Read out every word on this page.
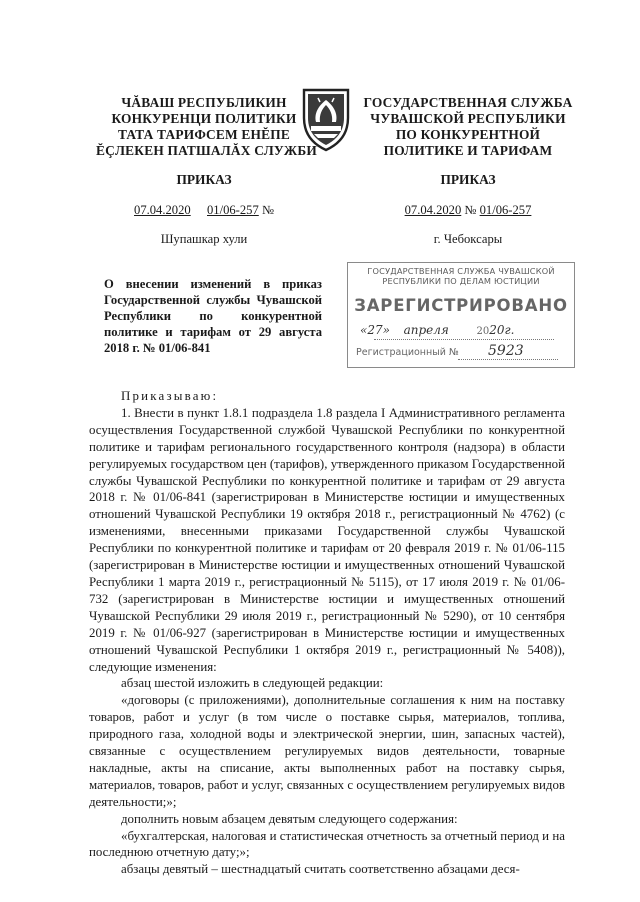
ЧĂВАШ РЕСПУБЛИКИН
КОНКУРЕНЦИ ПОЛИТИКИ
ТАТА ТАРИФСЕМ ЕНĔПЕ
ĔÇЛЕКЕН ПАТШАЛĂХ СЛУЖБИ
ГОСУДАРСТВЕННАЯ СЛУЖБА
ЧУВАШСКОЙ РЕСПУБЛИКИ
ПО КОНКУРЕНТНОЙ
ПОЛИТИКЕ И ТАРИФАМ
ПРИКАЗ	ПРИКАЗ
07.04.2020 01/06-257 №	07.04.2020 № 01/06-257
Шупашкар хули	г. Чебоксары
О внесении изменений в приказ Государственной службы Чувашской Республики по конкурентной политике и тарифам от 29 августа 2018 г. № 01/06-841
ГОСУДАРСТВЕННАЯ СЛУЖБА ЧУВАШСКОЙ
РЕСПУБЛИКИ ПО ДЕЛАМ ЮСТИЦИИ
ЗАРЕГИСТРИРОВАНО
«27»  апреля	2020г.
Регистрационный № 5923

Приказываю:

1. Внести в пункт 1.8.1 подраздела 1.8 раздела I Административного регламента осуществления Государственной службой Чувашской Республики по конкурентной политике и тарифам регионального государственного контроля (надзора) в области регулируемых государством цен (тарифов), утвержденного приказом Государственной службы Чувашской Республики по конкурентной политике и тарифам от 29 августа 2018 г. № 01/06-841 (зарегистрирован в Министерстве юстиции и имущественных отношений Чувашской Республики 19 октября 2018 г., регистрационный № 4762) (с изменениями, внесенными приказами Государственной службы Чувашской Республики по конкурентной политике и тарифам от 20 февраля 2019 г. № 01/06-115 (зарегистрирован в Министерстве юстиции и имущественных отношений Чувашской Республики 1 марта 2019 г., регистрационный № 5115), от 17 июля 2019 г. № 01/06-732 (зарегистрирован в Министерстве юстиции и имущественных отношений Чувашской Республики 29 июля 2019 г., регистрационный № 5290), от 10 сентября 2019 г. № 01/06-927 (зарегистрирован в Министерстве юстиции и имущественных отношений Чувашской Республики 1 октября 2019 г., регистрационный № 5408)), следующие изменения:

абзац шестой изложить в следующей редакции:

«договоры (с приложениями), дополнительные соглашения к ним на поставку товаров, работ и услуг (в том числе о поставке сырья, материалов, топлива, природного газа, холодной воды и электрической энергии, шин, запасных частей), связанные с осуществлением регулируемых видов деятельности, товарные накладные, акты на списание, акты выполненных работ на поставку сырья, материалов, товаров, работ и услуг, связанных с осуществлением регулируемых видов деятельности;»;

дополнить новым абзацем девятым следующего содержания:

«бухгалтерская, налоговая и статистическая отчетность за отчетный период и на последнюю отчетную дату;»;

абзацы девятый – шестнадцатый считать соответственно абзацами деся-
